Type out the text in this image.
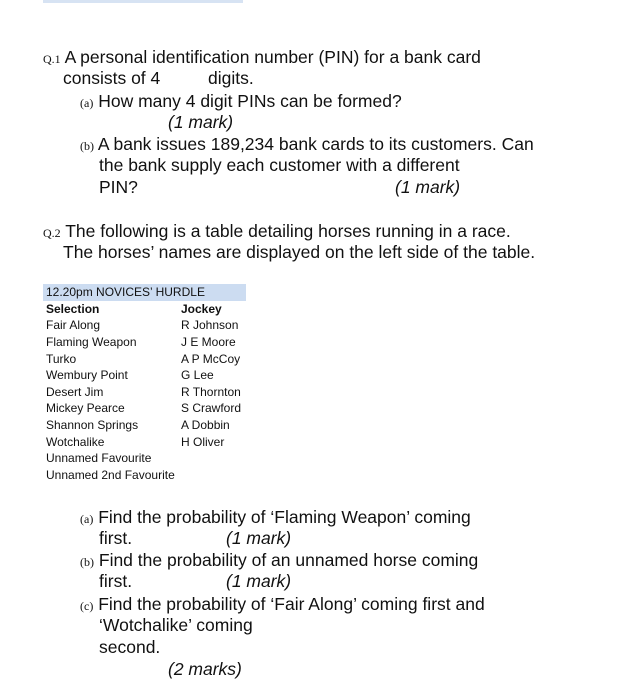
Q.1 A personal identification number (PIN) for a bank card
consists of 4	digits.
(a) How many 4 digit PINs can be formed?
(1 mark)
(b) A bank issues 189,234 bank cards to its customers. Can
the bank supply each customer with a different
PIN?	(1 mark)
Q.2 The following is a table detailing horses running in a race.
The horses’ names are displayed on the left side of the table.
12.20pm NOVICES’ HURDLE	
Selection	Jockey
Fair Along	R Johnson
Flaming Weapon	J E Moore
Turko	A P McCoy
Wembury Point	G Lee
Desert Jim	R Thornton
Mickey Pearce	S Crawford
Shannon Springs	A Dobbin
Wotchalike	H Oliver
Unnamed Favourite	
Unnamed 2nd Favourite	
(a) Find the probability of ‘Flaming Weapon’ coming
first.	(1 mark)
(b) Find the probability of an unnamed horse coming
first.	(1 mark)
(c) Find the probability of ‘Fair Along’ coming first and
‘Wotchalike’ coming
second.
(2 marks)
